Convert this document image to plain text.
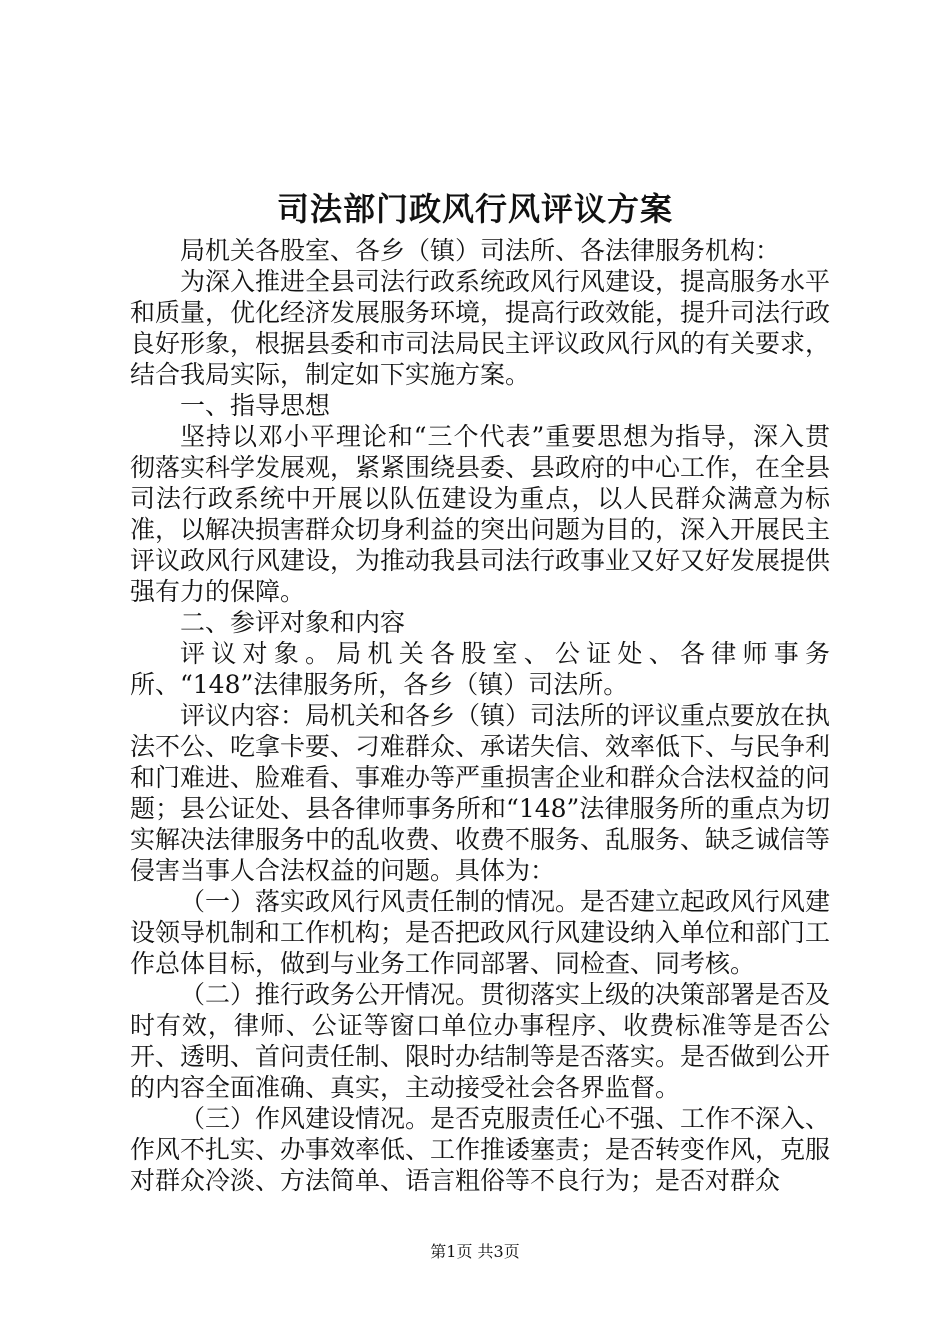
司法部门政风行风评议方案

局机关各股室、各乡（镇）司法所、各法律服务机构：

为深入推进全县司法行政系统政风行风建设，提高服务水平和质量，优化经济发展服务环境，提高行政效能，提升司法行政良好形象，根据县委和市司法局民主评议政风行风的有关要求，结合我局实际，制定如下实施方案。

一、指导思想

坚持以邓小平理论和“三个代表”重要思想为指导，深入贯彻落实科学发展观，紧紧围绕县委、县政府的中心工作，在全县司法行政系统中开展以队伍建设为重点，以人民群众满意为标准，以解决损害群众切身利益的突出问题为目的，深入开展民主评议政风行风建设，为推动我县司法行政事业又好又好发展提供强有力的保障。

二、参评对象和内容

评议对象。局机关各股室、公证处、各律师事务所、“148”法律服务所，各乡（镇）司法所。

评议内容：局机关和各乡（镇）司法所的评议重点要放在执法不公、吃拿卡要、刁难群众、承诺失信、效率低下、与民争利和门难进、脸难看、事难办等严重损害企业和群众合法权益的问题；县公证处、县各律师事务所和“148”法律服务所的重点为切实解决法律服务中的乱收费、收费不服务、乱服务、缺乏诚信等侵害当事人合法权益的问题。具体为：

（一）落实政风行风责任制的情况。是否建立起政风行风建设领导机制和工作机构；是否把政风行风建设纳入单位和部门工作总体目标，做到与业务工作同部署、同检查、同考核。

（二）推行政务公开情况。贯彻落实上级的决策部署是否及时有效，律师、公证等窗口单位办事程序、收费标准等是否公开、透明、首问责任制、限时办结制等是否落实。是否做到公开的内容全面准确、真实，主动接受社会各界监督。

（三）作风建设情况。是否克服责任心不强、工作不深入、作风不扎实、办事效率低、工作推诿塞责；是否转变作风，克服对群众冷淡、方法简单、语言粗俗等不良行为；是否对群众

第1页 共3页
